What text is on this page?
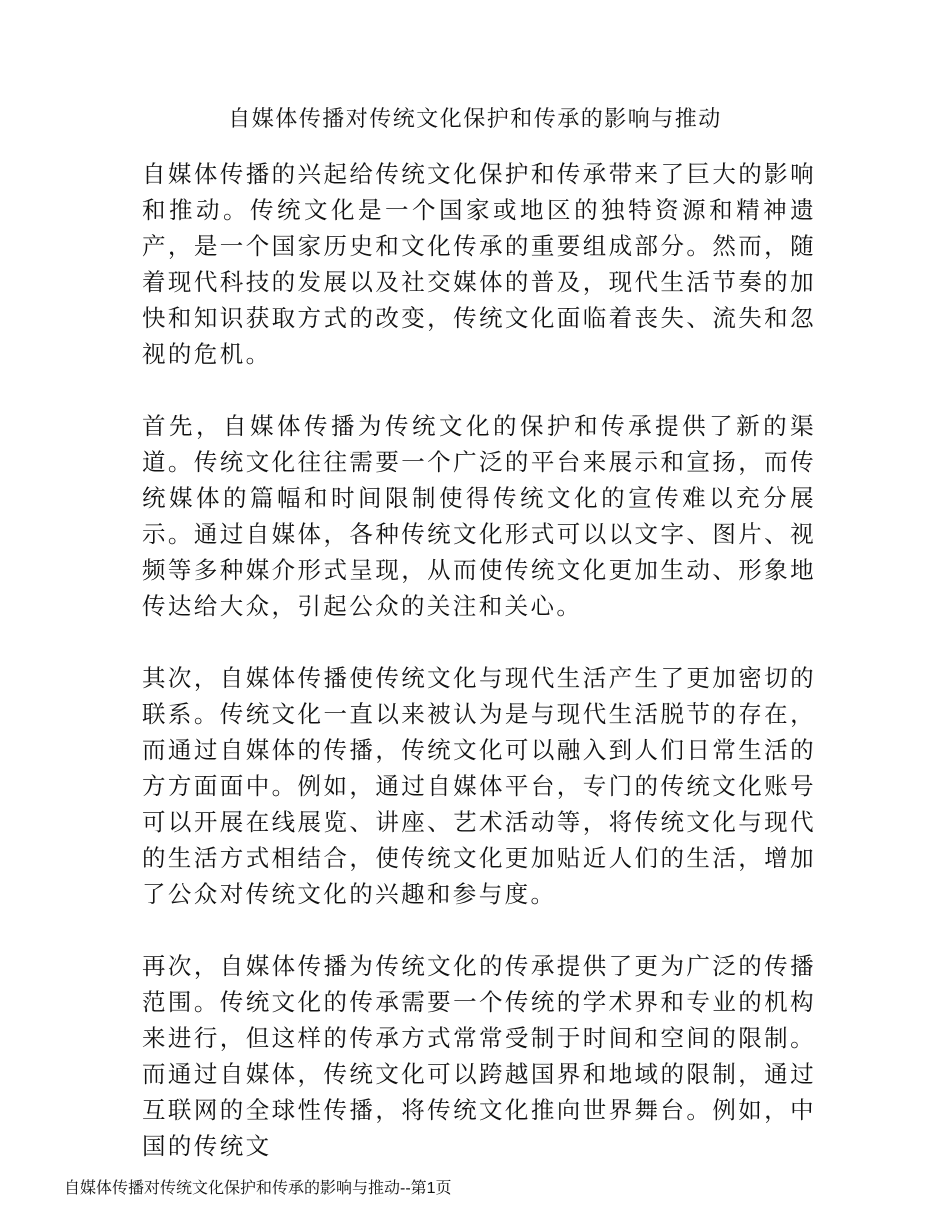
自媒体传播对传统文化保护和传承的影响与推动

自媒体传播的兴起给传统文化保护和传承带来了巨大的影响和推动。传统文化是一个国家或地区的独特资源和精神遗产，是一个国家历史和文化传承的重要组成部分。然而，随着现代科技的发展以及社交媒体的普及，现代生活节奏的加快和知识获取方式的改变，传统文化面临着丧失、流失和忽视的危机。

首先，自媒体传播为传统文化的保护和传承提供了新的渠道。传统文化往往需要一个广泛的平台来展示和宣扬，而传统媒体的篇幅和时间限制使得传统文化的宣传难以充分展示。通过自媒体，各种传统文化形式可以以文字、图片、视频等多种媒介形式呈现，从而使传统文化更加生动、形象地传达给大众，引起公众的关注和关心。

其次，自媒体传播使传统文化与现代生活产生了更加密切的联系。传统文化一直以来被认为是与现代生活脱节的存在，而通过自媒体的传播，传统文化可以融入到人们日常生活的方方面面中。例如，通过自媒体平台，专门的传统文化账号可以开展在线展览、讲座、艺术活动等，将传统文化与现代的生活方式相结合，使传统文化更加贴近人们的生活，增加了公众对传统文化的兴趣和参与度。

再次，自媒体传播为传统文化的传承提供了更为广泛的传播范围。传统文化的传承需要一个传统的学术界和专业的机构来进行，但这样的传承方式常常受制于时间和空间的限制。而通过自媒体，传统文化可以跨越国界和地域的限制，通过互联网的全球性传播，将传统文化推向世界舞台。例如，中国的传统文

自媒体传播对传统文化保护和传承的影响与推动--第1页
